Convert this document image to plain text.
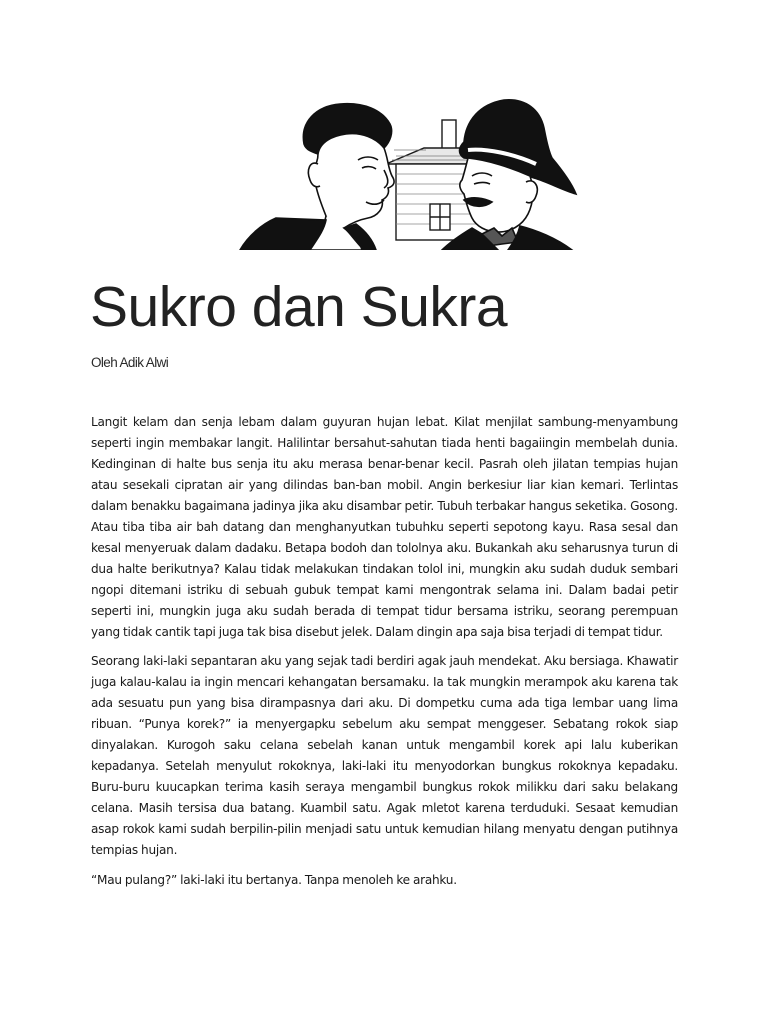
Sukro dan Sukra

Oleh Adik Alwi

Langit kelam dan senja lebam dalam guyuran hujan lebat. Kilat menjilat sambung-menyambung seperti ingin membakar langit. Halilintar bersahut-sahutan tiada henti bagaiingin membelah dunia. Kedinginan di halte bus senja itu aku merasa benar-benar kecil. Pasrah oleh jilatan tempias hujan atau sesekali cipratan air yang dilindas ban-ban mobil. Angin berkesiur liar kian kemari. Terlintas dalam benakku bagaimana jadinya jika aku disambar petir. Tubuh terbakar hangus seketika. Gosong. Atau tiba tiba air bah datang dan menghanyutkan tubuhku seperti sepotong kayu. Rasa sesal dan kesal menyeruak dalam dadaku. Betapa bodoh dan tololnya aku. Bukankah aku seharusnya turun di dua halte berikutnya? Kalau tidak melakukan tindakan tolol ini, mungkin aku sudah duduk sembari ngopi ditemani istriku di sebuah gubuk tempat kami mengontrak selama ini. Dalam badai petir seperti ini, mungkin juga aku sudah berada di tempat tidur bersama istriku, seorang perempuan yang tidak cantik tapi juga tak bisa disebut jelek. Dalam dingin apa saja bisa terjadi di tempat tidur.

Seorang laki-laki sepantaran aku yang sejak tadi berdiri agak jauh mendekat. Aku bersiaga. Khawatir juga kalau-kalau ia ingin mencari kehangatan bersamaku. Ia tak mungkin merampok aku karena tak ada sesuatu pun yang bisa dirampasnya dari aku. Di dompetku cuma ada tiga lembar uang lima ribuan. “Punya korek?” ia menyergapku sebelum aku sempat menggeser. Sebatang rokok siap dinyalakan. Kurogoh saku celana sebelah kanan untuk mengambil korek api lalu kuberikan kepadanya. Setelah menyulut rokoknya, laki-laki itu menyodorkan bungkus rokoknya kepadaku. Buru-buru kuucapkan terima kasih seraya mengambil bungkus rokok milikku dari saku belakang celana. Masih tersisa dua batang. Kuambil satu. Agak mletot karena terduduki. Sesaat kemudian asap rokok kami sudah berpilin-pilin menjadi satu untuk kemudian hilang menyatu dengan putihnya tempias hujan.

“Mau pulang?” laki-laki itu bertanya. Tanpa menoleh ke arahku.
